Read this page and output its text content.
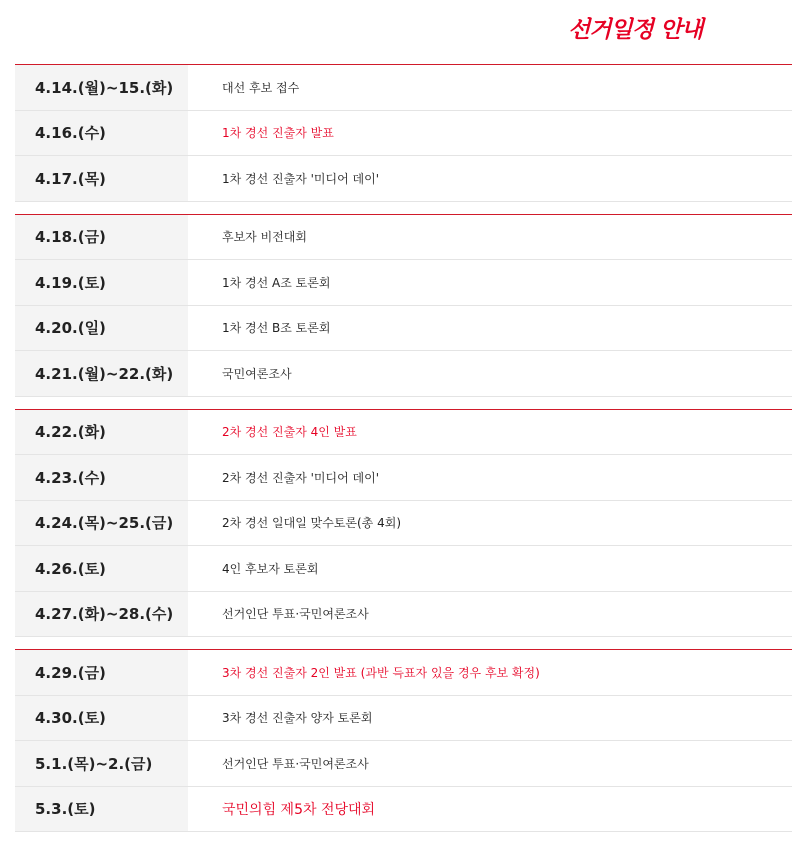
선거일정 안내
4.14.(월)~15.(화)	대선 후보 접수
4.16.(수)	1차 경선 진출자 발표
4.17.(목)	1차 경선 진출자 '미디어 데이'
4.18.(금)	후보자 비전대회
4.19.(토)	1차 경선 A조 토론회
4.20.(일)	1차 경선 B조 토론회
4.21.(월)~22.(화)	국민여론조사
4.22.(화)	2차 경선 진출자 4인 발표
4.23.(수)	2차 경선 진출자 '미디어 데이'
4.24.(목)~25.(금)	2차 경선 일대일 맞수토론(총 4회)
4.26.(토)	4인 후보자 토론회
4.27.(화)~28.(수)	선거인단 투표·국민여론조사
4.29.(금)	3차 경선 진출자 2인 발표 (과반 득표자 있을 경우 후보 확정)
4.30.(토)	3차 경선 진출자 양자 토론회
5.1.(목)~2.(금)	선거인단 투표·국민여론조사
5.3.(토)	국민의힘 제5차 전당대회
